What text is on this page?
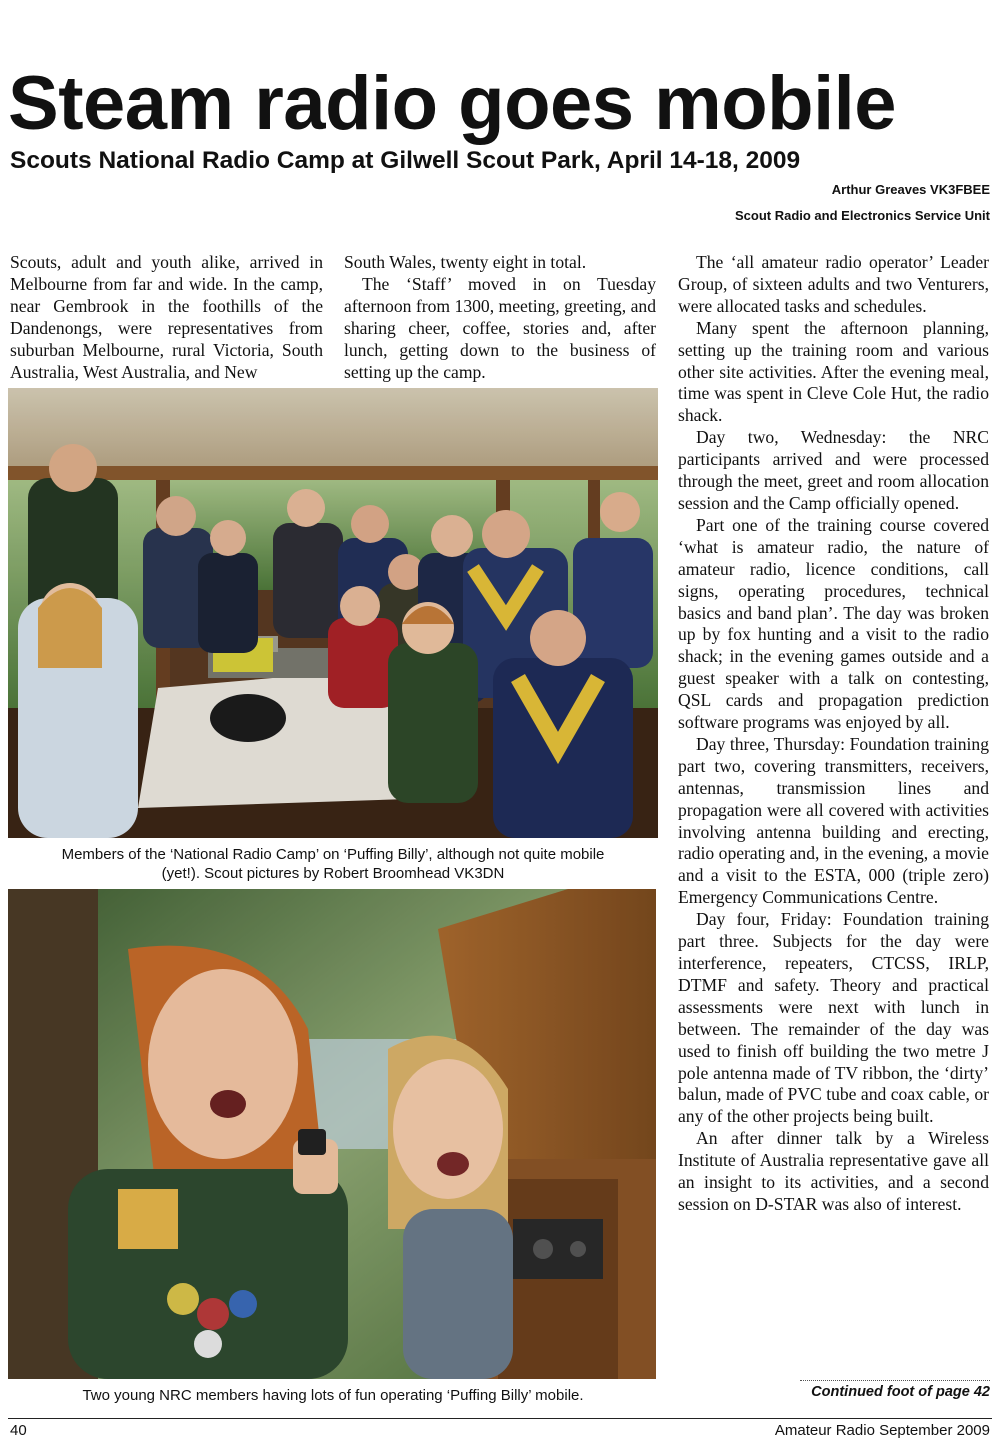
Steam radio goes mobile
Scouts National Radio Camp at Gilwell Scout Park, April 14-18, 2009
Arthur Greaves VK3FBEE
Scout Radio and Electronics Service Unit

Scouts, adult and youth alike, arrived in Melbourne from far and wide. In the camp, near Gembrook in the foothills of the Dandenongs, were representatives from suburban Melbourne, rural Victoria, South Australia, West Australia, and New

South Wales, twenty eight in total.

The ‘Staff’ moved in on Tuesday afternoon from 1300, meeting, greeting, and sharing cheer, coffee, stories and, after lunch, getting down to the business of setting up the camp.

The ‘all amateur radio operator’ Leader Group, of sixteen adults and two Venturers, were allocated tasks and schedules.

Many spent the afternoon planning, setting up the training room and various other site activities. After the evening meal, time was spent in Cleve Cole Hut, the radio shack.

Day two, Wednesday: the NRC participants arrived and were processed through the meet, greet and room allocation session and the Camp officially opened.

Part one of the training course covered ‘what is amateur radio, the nature of amateur radio, licence conditions, call signs, operating procedures, technical basics and band plan’. The day was broken up by fox hunting and a visit to the radio shack; in the evening games outside and a guest speaker with a talk on contesting, QSL cards and propagation prediction software programs was enjoyed by all.

Day three, Thursday: Foundation training part two, covering transmitters, receivers, antennas, transmission lines and propagation were all covered with activities involving antenna building and erecting, radio operating and, in the evening, a movie and a visit to the ESTA, 000 (triple zero) Emergency Communications Centre.

Day four, Friday: Foundation training part three. Subjects for the day were interference, repeaters, CTCSS, IRLP, DTMF and safety. Theory and practical assessments were next with lunch in between. The remainder of the day was used to finish off building the two metre J pole antenna made of TV ribbon, the ‘dirty’ balun, made of PVC tube and coax cable, or any of the other projects being built.

An after dinner talk by a Wireless Institute of Australia representative gave all an insight to its activities, and a second session on D-STAR was also of interest.

Members of the ‘National Radio Camp’ on ‘Puffing Billy’, although not quite mobile
(yet!). Scout pictures by Robert Broomhead VK3DN
Two young NRC members having lots of fun operating ‘Puffing Billy’ mobile.	Continued foot of page 42
40	Amateur Radio September 2009
